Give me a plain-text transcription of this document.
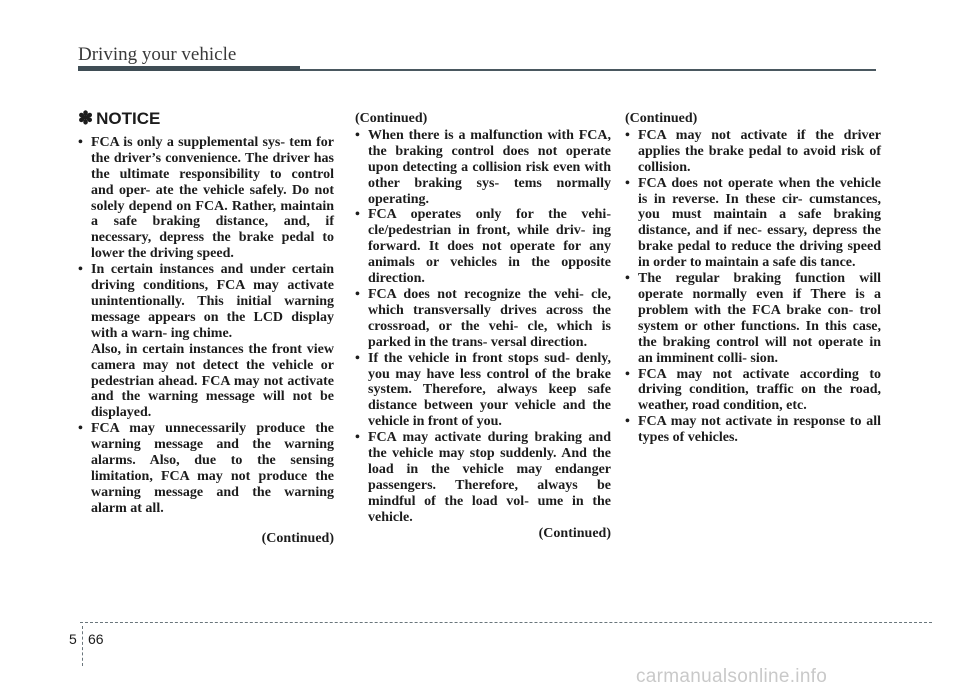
Driving your vehicle
✽ NOTICE
• FCA is only a supplemental sys- tem for the driver’s convenience. The driver has the ultimate responsibility to control and oper- ate the vehicle safely. Do not solely depend on FCA. Rather, maintain a safe braking distance, and, if necessary, depress the brake pedal to lower the driving speed.
• In certain instances and under certain driving conditions, FCA may activate unintentionally. This initial warning message appears on the LCD display with a warn- ing chime.
Also, in certain instances the front view camera may not detect the vehicle or pedestrian ahead. FCA may not activate and the warning message will not be displayed.
• FCA may unnecessarily produce the warning message and the warning alarms. Also, due to the sensing limitation, FCA may not produce the warning message and the warning alarm at all.
(Continued)
(Continued)
• When there is a malfunction with FCA, the braking control does not operate upon detecting a collision risk even with other braking sys- tems normally operating.
• FCA operates only for the vehi- cle/pedestrian in front, while driv- ing forward. It does not operate for any animals or vehicles in the opposite direction.
• FCA does not recognize the vehi- cle, which transversally drives across the crossroad, or the vehi- cle, which is parked in the trans- versal direction.
• If the vehicle in front stops sud- denly, you may have less control of the brake system. Therefore, always keep safe distance between your vehicle and the vehicle in front of you.
• FCA may activate during braking and the vehicle may stop suddenly. And the load in the vehicle may endanger passengers. Therefore, always be mindful of the load vol- ume in the vehicle.
(Continued)
(Continued)
• FCA may not activate if the driver applies the brake pedal to avoid risk of collision.
• FCA does not operate when the vehicle is in reverse. In these cir- cumstances, you must maintain a safe braking distance, and if nec- essary, depress the brake pedal to reduce the driving speed in order to maintain a safe dis tance.
• The regular braking function will operate normally even if There is a problem with the FCA brake con- trol system or other functions. In this case, the braking control will not operate in an imminent colli- sion.
• FCA may not activate according to driving condition, traffic on the road, weather, road condition, etc.
• FCA may not activate in response to all types of vehicles.
5 66
carmanualsonline.info
